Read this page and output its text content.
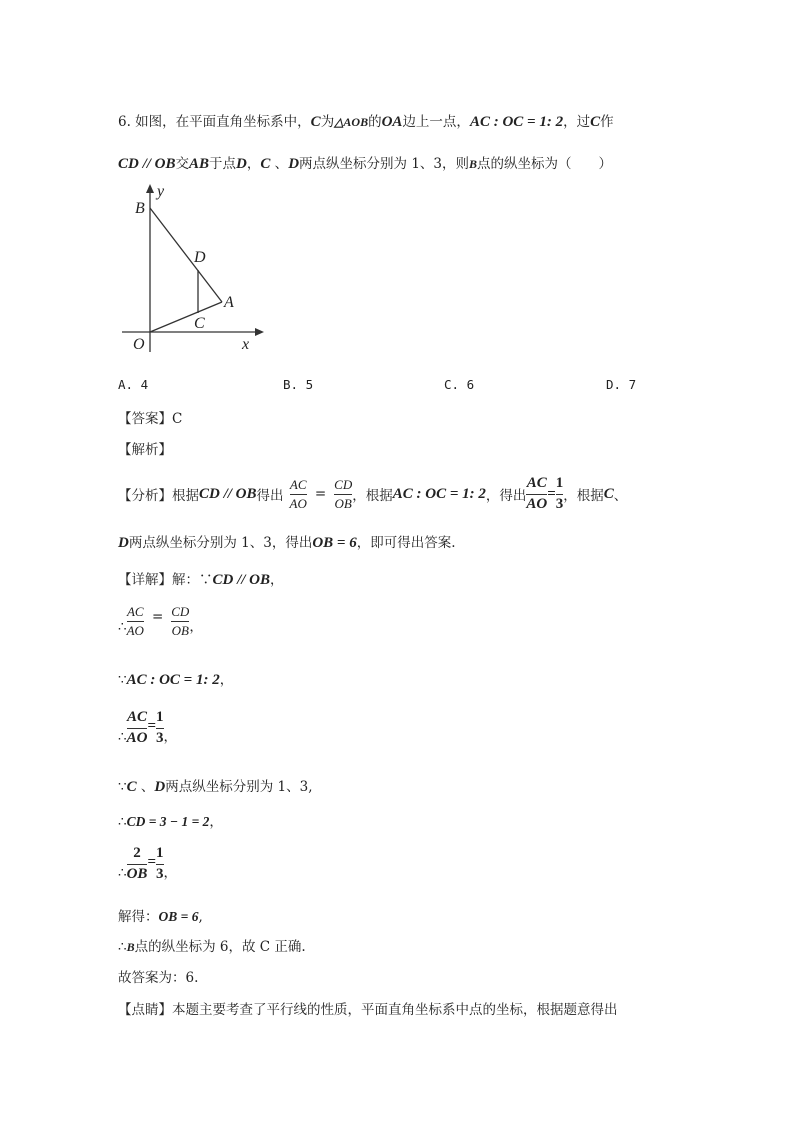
6. 如图，在平面直角坐标系中，C为△AOB的OA边上一点，AC : OC = 1: 2，过C作
CD // OB交AB于点D，C 、D两点纵坐标分别为 1、3，则B点的纵坐标为（　　）
B
y
D
A
C
O	x
A. 4	B. 5	C. 6	D. 7
【答案】C
【解析】
【分析】根据 CD // OB 得出 $\frac{AC}{AO} = \frac{CD}{OB}$ ，根据 AC : OC = 1: 2 ，得出 $\frac{AC}{AO} = \frac{1}{3}$ ，根据 C 、
D两点纵坐标分别为 1、3，得出OB = 6，即可得出答案.
【详解】解：∵CD // OB，
∴ $\frac{AC}{AO} = \frac{CD}{OB}$ ，
∵AC : OC = 1: 2，
∴ $\frac{AC}{AO} = \frac{1}{3}$ ，
∵C 、D两点纵坐标分别为 1、3,
∴CD = 3 − 1 = 2，
∴ $\frac{2}{OB} = \frac{1}{3}$ ，
解得：OB = 6,
∴B点的纵坐标为 6，故 C 正确.
故答案为：6.
【点睛】本题主要考查了平行线的性质，平面直角坐标系中点的坐标，根据题意得出
